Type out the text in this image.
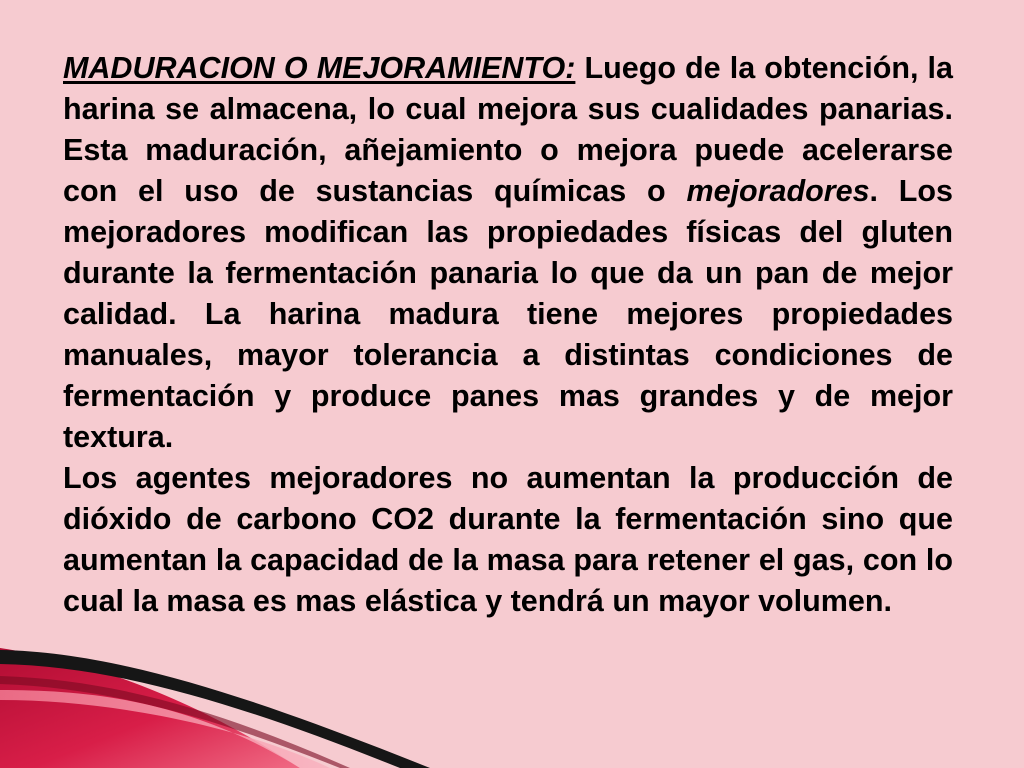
MADURACION O MEJORAMIENTO: Luego de la obtención, la harina se almacena, lo cual mejora sus cualidades panarias. Esta maduración, añejamiento o mejora puede acelerarse con el uso de sustancias químicas o mejoradores. Los mejoradores modifican las propiedades físicas del gluten durante la fermentación panaria lo que da un pan de mejor calidad. La harina madura tiene mejores propiedades manuales, mayor tolerancia a distintas condiciones de fermentación y produce panes mas grandes y de mejor textura.

Los agentes mejoradores no aumentan la producción de dióxido de carbono CO2 durante la fermentación sino que aumentan la capacidad de la masa para retener el gas, con lo cual la masa es mas elástica y tendrá un mayor volumen.
